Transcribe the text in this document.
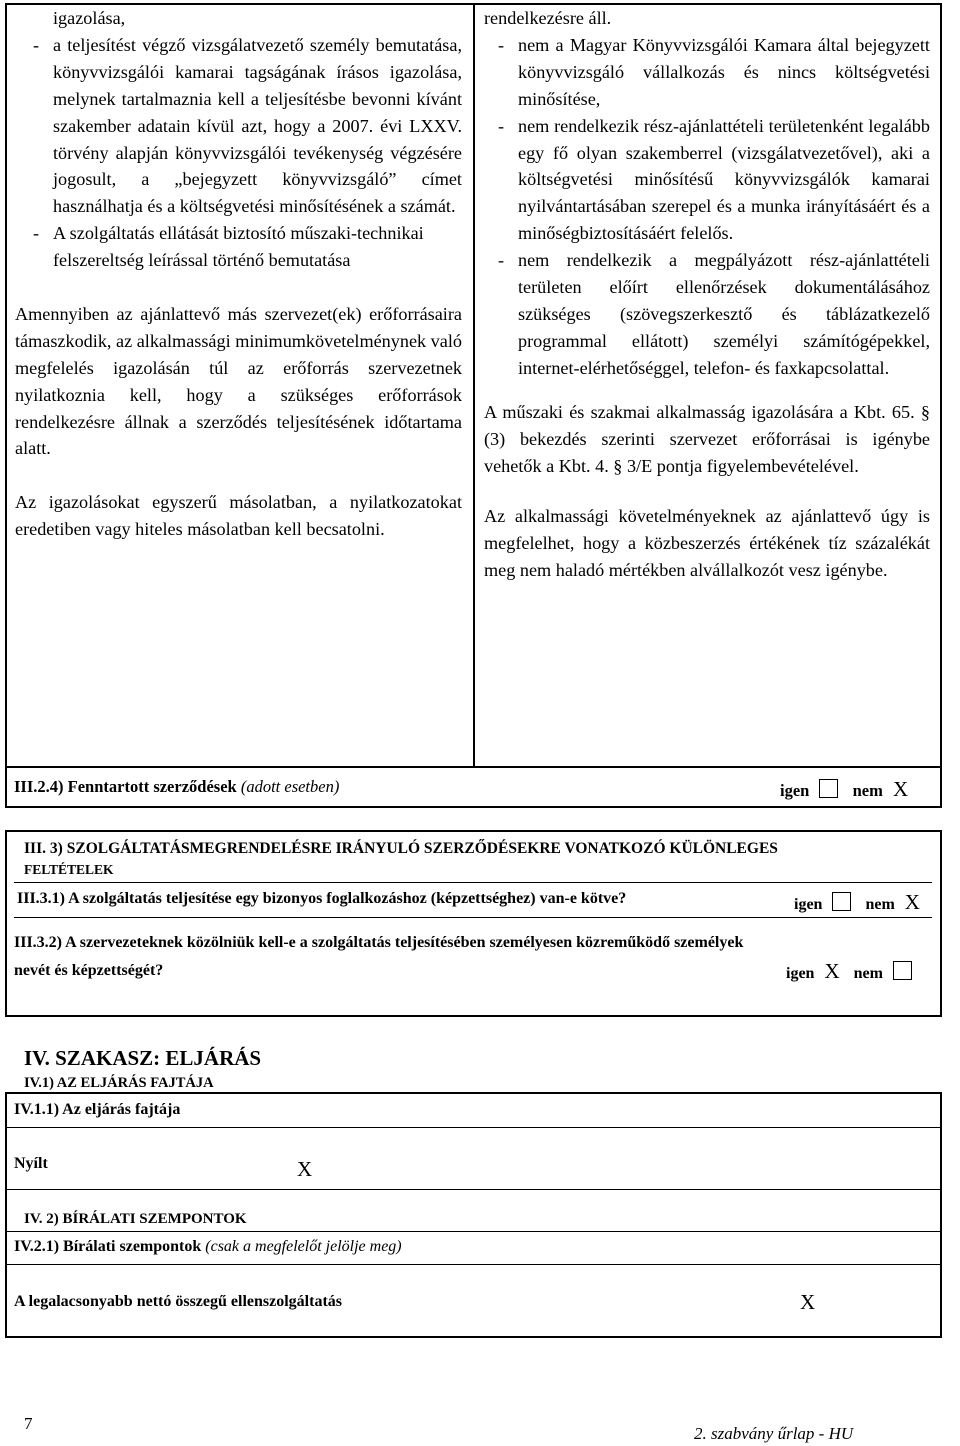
igazolása,

- a teljesítést végző vizsgálatvezető személy bemutatása, könyvvizsgálói kamarai tagságának írásos igazolása, melynek tartalmaznia kell a teljesítésbe bevonni kívánt szakember adatain kívül azt, hogy a 2007. évi LXXV. törvény alapján könyvvizsgálói tevékenység végzésére jogosult, a „bejegyzett könyvvizsgáló” címet használhatja és a költségvetési minősítésének a számát.
- A szolgáltatás ellátását biztosító műszaki-technikai felszereltség leírással történő bemutatása

Amennyiben az ajánlattevő más szervezet(ek) erőforrásaira támaszkodik, az alkalmassági minimumkövetelménynek való megfelelés igazolásán túl az erőforrás szervezetnek nyilatkoznia kell, hogy a szükséges erőforrások rendelkezésre állnak a szerződés teljesítésének időtartama alatt.

Az igazolásokat egyszerű másolatban, a nyilatkozatokat eredetiben vagy hiteles másolatban kell becsatolni.

rendelkezésre áll.

- nem a Magyar Könyvvizsgálói Kamara által bejegyzett könyvvizsgáló vállalkozás és nincs költségvetési minősítése,
- nem rendelkezik rész-ajánlattételi területenként legalább egy fő olyan szakemberrel (vizsgálatvezetővel), aki a költségvetési minősítésű könyvvizsgálók kamarai nyilvántartásában szerepel és a munka irányításáért és a minőségbiztosításáért felelős.
- nem rendelkezik a megpályázott rész-ajánlattételi területen előírt ellenőrzések dokumentálásához szükséges (szövegszerkesztő és táblázatkezelő programmal ellátott) személyi számítógépekkel, internet-elérhetőséggel, telefon- és faxkapcsolattal.

A műszaki és szakmai alkalmasság igazolására a Kbt. 65. § (3) bekezdés szerinti szervezet erőforrásai is igénybe vehetők a Kbt. 4. § 3/E pontja figyelembevételével.

Az alkalmassági követelményeknek az ajánlattevő úgy is megfelelhet, hogy a közbeszerzés értékének tíz százalékát meg nem haladó mértékben alvállalkozót vesz igénybe.

III.2.4) Fenntartott szerződések (adott esetben)	igen	nem X
III. 3) SZOLGÁLTATÁSMEGRENDELÉSRE IRÁNYULÓ SZERZŐDÉSEKRE VONATKOZÓ KÜLÖNLEGES
FELTÉTELEK
III.3.1) A szolgáltatás teljesítése egy bizonyos foglalkozáshoz (képzettséghez) van-e kötve?	igen	nem X
III.3.2) A szervezeteknek közölniük kell-e a szolgáltatás teljesítésében személyesen közreműködő személyek
nevét és képzettségét?	igen X nem
IV. SZAKASZ: ELJÁRÁS
IV.1) AZ ELJÁRÁS FAJTÁJA
IV.1.1) Az eljárás fajtája
Nyílt	X
IV. 2) BÍRÁLATI SZEMPONTOK
IV.2.1) Bírálati szempontok (csak a megfelelőt jelölje meg)
A legalacsonyabb nettó összegű ellenszolgáltatás	X
7
2. szabvány űrlap - HU
